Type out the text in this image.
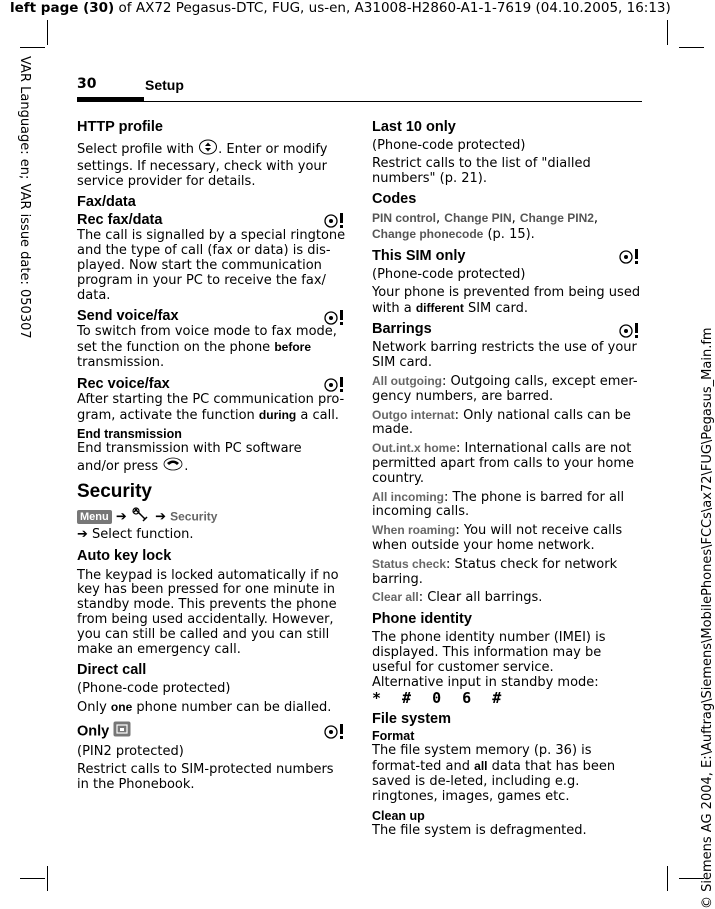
left page (30) of AX72 Pegasus-DTC, FUG, us-en, A31008-H2860-A1-1-7619 (04.10.2005, 16:13)
VAR Language: en; VAR issue date: 050307
© Siemens AG 2004, E:\Auftrag\Siemens\MobilePhones\FCCs\ax72\FUG\Pegasus_Main.fm
30	Setup
HTTP profile
Select profile with . Enter or modify settings. If necessary, check with your service provider for details.
Fax/data
Rec fax/data
The call is signalled by a special ringtone and the type of call (fax or data) is dis-played. Now start the communication program in your PC to receive the fax/ data.
Send voice/fax
To switch from voice mode to fax mode, set the function on the phone before transmission.
Rec voice/fax
After starting the PC communication pro-gram, activate the function during a call.
End transmission
End transmission with PC software and/or press .
Security
Menu ➔ ➔ Security
➔ Select function.
Auto key lock
The keypad is locked automatically if no key has been pressed for one minute in standby mode. This prevents the phone from being used accidentally. However, you can still be called and you can still make an emergency call.
Direct call
(Phone-code protected)
Only one phone number can be dialled.
Only
(PIN2 protected)
Restrict calls to SIM-protected numbers in the Phonebook.
Last 10 only
(Phone-code protected)
Restrict calls to the list of "dialled numbers" (p. 21).
Codes
PIN control, Change PIN, Change PIN2, Change phonecode (p. 15).
This SIM only
(Phone-code protected)
Your phone is prevented from being used with a different SIM card.
Barrings
Network barring restricts the use of your SIM card.
All outgoing: Outgoing calls, except emer-gency numbers, are barred.
Outgo internat: Only national calls can be made.
Out.int.x home: International calls are not permitted apart from calls to your home country.
All incoming: The phone is barred for all incoming calls.
When roaming: You will not receive calls when outside your home network.
Status check: Status check for network barring.
Clear all: Clear all barrings.
Phone identity
The phone identity number (IMEI) is displayed. This information may be useful for customer service.
Alternative input in standby mode:
* # 0 6 #
File system
Format
The file system memory (p. 36) is format-ted and all data that has been saved is de-leted, including e.g. ringtones, images, games etc.
Clean up
The file system is defragmented.
